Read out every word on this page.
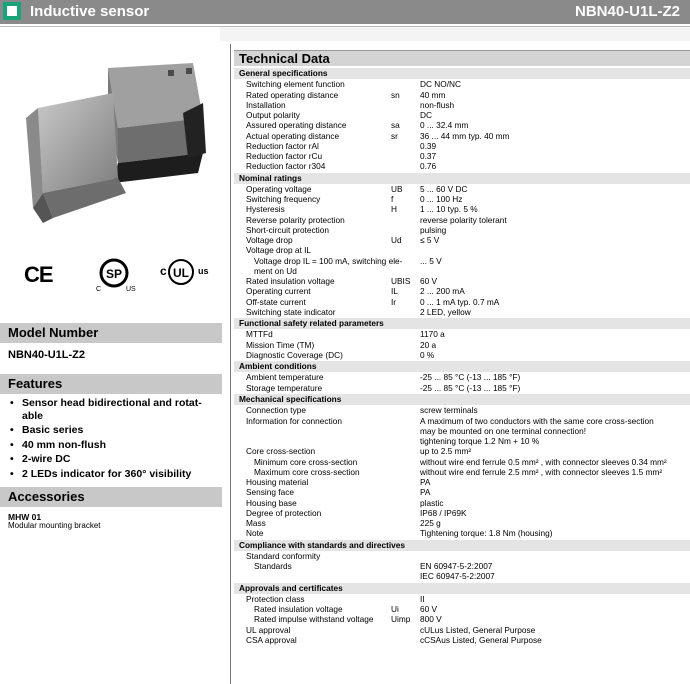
Inductive sensor	NBN40-U1L-Z2
CE	SP
C	US
c UL us
Model Number
NBN40-U1L-Z2
Features
• Sensor head bidirectional and rotat-
able
• Basic series
• 40 mm non-flush
• 2-wire DC
• 2 LEDs indicator for 360° visibility
Accessories
MHW 01
Modular mounting bracket
Technical Data
General specifications
Switching element function	DC NO/NC
Rated operating distance	sn 40 mm
Installation	non-flush
Output polarity	DC
Assured operating distance	sa 0 ... 32.4 mm
Actual operating distance	sr	36 ... 44 mm typ. 40 mm
Reduction factor rAl	0.39
Reduction factor rCu	0.37
Reduction factor r304	0.76
Nominal ratings
Operating voltage	UB 5 ... 60 V DC
Switching frequency	f	0 ... 100 Hz
Hysteresis	H	1 ... 10 typ. 5 %
Reverse polarity protection	reverse polarity tolerant
Short-circuit protection	pulsing
Voltage drop	Ud ≤ 5 V
Voltage drop at IL
Voltage drop IL = 100 mA, switching ele- ... 5 V
ment on Ud
Rated insulation voltage	UBIS 60 V
Operating current	IL	2 ... 200 mA
Off-state current	Ir	0 ... 1 mA typ. 0.7 mA
Switching state indicator	2 LED, yellow
Functional safety related parameters
MTTFd	1170 a
Mission Time (TM)	20 a
Diagnostic Coverage (DC)	0 %
Ambient conditions
Ambient temperature	-25 ... 85 °C (-13 ... 185 °F)
Storage temperature	-25 ... 85 °C (-13 ... 185 °F)
Mechanical specifications
Connection type	screw terminals
Information for connection	A maximum of two conductors with the same core cross-section
may be mounted on one terminal connection!
tightening torque 1.2 Nm + 10 %
Core cross-section	up to 2.5 mm²
Minimum core cross-section	without wire end ferrule 0.5 mm² , with connector sleeves 0.34 mm²
Maximum core cross-section	without wire end ferrule 2.5 mm² , with connector sleeves 1.5 mm²
Housing material	PA
Sensing face	PA
Housing base	plastic
Degree of protection	IP68 / IP69K
Mass	225 g
Note	Tightening torque: 1.8 Nm (housing)
Compliance with standards and directives
Standard conformity
Standards	EN 60947-5-2:2007
IEC 60947-5-2:2007
Approvals and certificates
Protection class	II
Rated insulation voltage	Ui	60 V
Rated impulse withstand voltage Uimp 800 V
UL approval	cULus Listed, General Purpose
CSA approval	cCSAus Listed, General Purpose
